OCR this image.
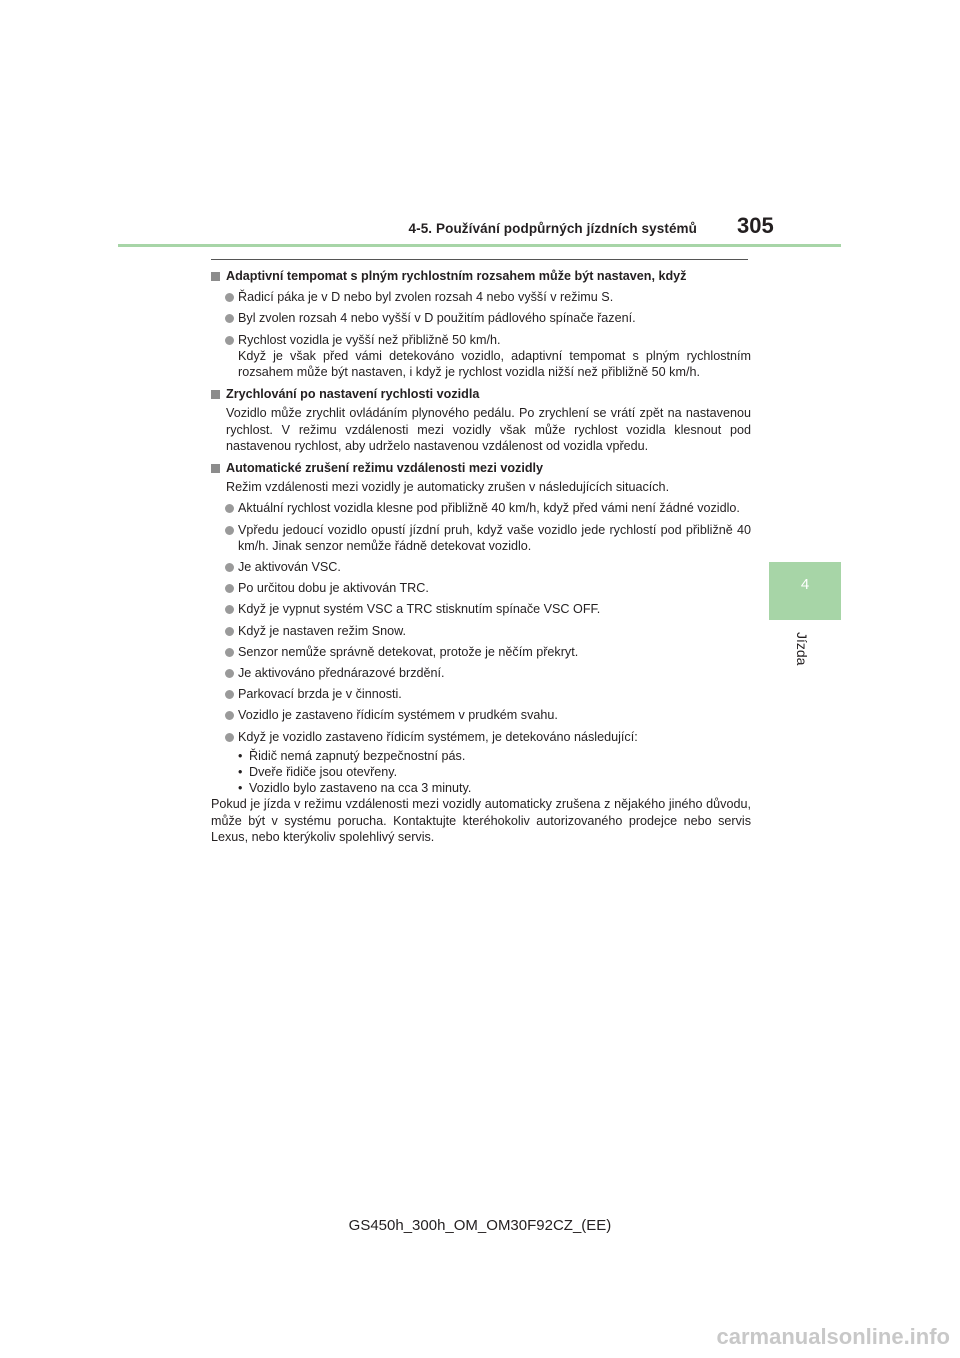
4-5. Používání podpůrných jízdních systémů 305
4
Jízda
Adaptivní tempomat s plným rychlostním rozsahem může být nastaven, když
Řadicí páka je v D nebo byl zvolen rozsah 4 nebo vyšší v režimu S.
Byl zvolen rozsah 4 nebo vyšší v D použitím pádlového spínače řazení.
Rychlost vozidla je vyšší než přibližně 50 km/h.
Když je však před vámi detekováno vozidlo, adaptivní tempomat s plným rychlostním rozsahem může být nastaven, i když je rychlost vozidla nižší než přibližně 50 km/h.
Zrychlování po nastavení rychlosti vozidla
Vozidlo může zrychlit ovládáním plynového pedálu. Po zrychlení se vrátí zpět na nastavenou rychlost. V režimu vzdálenosti mezi vozidly však může rychlost vozidla klesnout pod nastavenou rychlost, aby udrželo nastavenou vzdálenost od vozidla vpředu.
Automatické zrušení režimu vzdálenosti mezi vozidly
Režim vzdálenosti mezi vozidly je automaticky zrušen v následujících situacích.
Aktuální rychlost vozidla klesne pod přibližně 40 km/h, když před vámi není žádné vozidlo.
Vpředu jedoucí vozidlo opustí jízdní pruh, když vaše vozidlo jede rychlostí pod přibližně 40 km/h. Jinak senzor nemůže řádně detekovat vozidlo.
Je aktivován VSC.
Po určitou dobu je aktivován TRC.
Když je vypnut systém VSC a TRC stisknutím spínače VSC OFF.
Když je nastaven režim Snow.
Senzor nemůže správně detekovat, protože je něčím překryt.
Je aktivováno přednárazové brzdění.
Parkovací brzda je v činnosti.
Vozidlo je zastaveno řídicím systémem v prudkém svahu.
Když je vozidlo zastaveno řídicím systémem, je detekováno následující:
• Řidič nemá zapnutý bezpečnostní pás.
• Dveře řidiče jsou otevřeny.
• Vozidlo bylo zastaveno na cca 3 minuty.
Pokud je jízda v režimu vzdálenosti mezi vozidly automaticky zrušena z nějakého jiného důvodu, může být v systému porucha. Kontaktujte kteréhokoliv autorizovaného prodejce nebo servis Lexus, nebo kterýkoliv spolehlivý servis.
GS450h_300h_OM_OM30F92CZ_(EE)
carmanualsonline.info
